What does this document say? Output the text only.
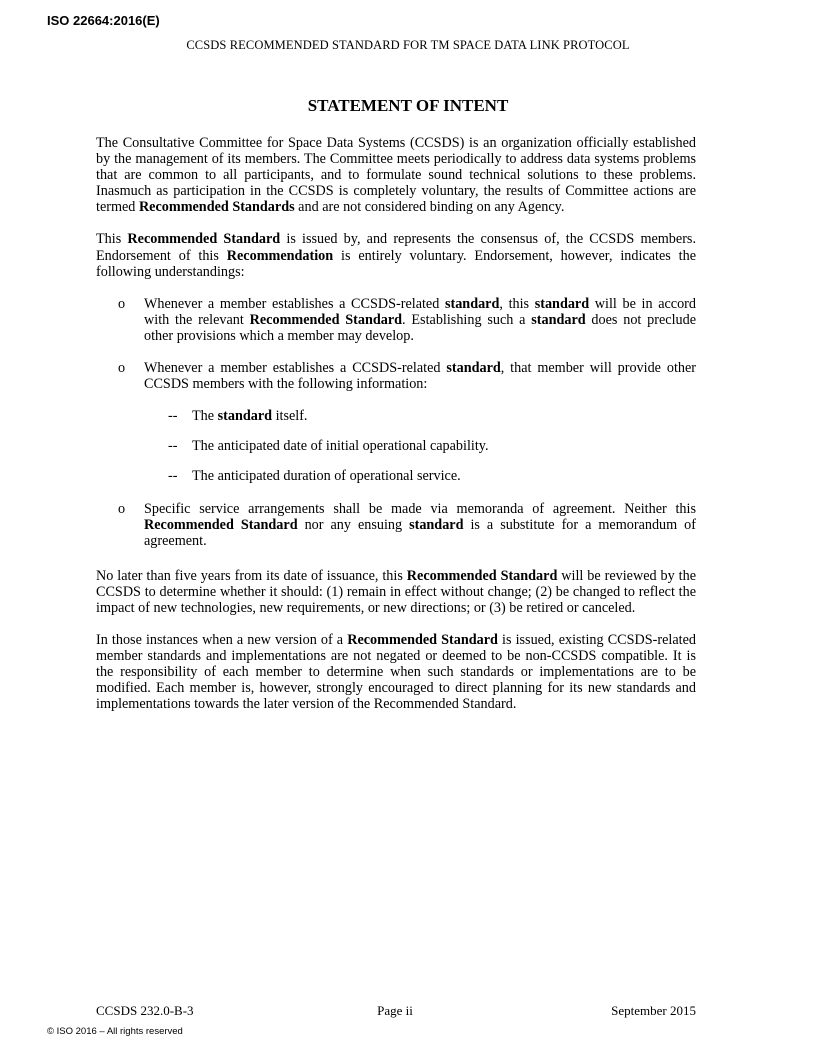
ISO 22664:2016(E)
CCSDS RECOMMENDED STANDARD FOR TM SPACE DATA LINK PROTOCOL
STATEMENT OF INTENT

The Consultative Committee for Space Data Systems (CCSDS) is an organization officially established by the management of its members. The Committee meets periodically to address data systems problems that are common to all participants, and to formulate sound technical solutions to these problems. Inasmuch as participation in the CCSDS is completely voluntary, the results of Committee actions are termed Recommended Standards and are not considered binding on any Agency.

This Recommended Standard is issued by, and represents the consensus of, the CCSDS members. Endorsement of this Recommendation is entirely voluntary. Endorsement, however, indicates the following understandings:

o Whenever a member establishes a CCSDS-related standard, this standard will be in accord with the relevant Recommended Standard. Establishing such a standard does not preclude other provisions which a member may develop.
o Whenever a member establishes a CCSDS-related standard, that member will provide other CCSDS members with the following information:
-- The standard itself.
-- The anticipated date of initial operational capability.
-- The anticipated duration of operational service.
o Specific service arrangements shall be made via memoranda of agreement. Neither this Recommended Standard nor any ensuing standard is a substitute for a memorandum of agreement.

No later than five years from its date of issuance, this Recommended Standard will be reviewed by the CCSDS to determine whether it should: (1) remain in effect without change; (2) be changed to reflect the impact of new technologies, new requirements, or new directions; or (3) be retired or canceled.

In those instances when a new version of a Recommended Standard is issued, existing CCSDS-related member standards and implementations are not negated or deemed to be non-CCSDS compatible. It is the responsibility of each member to determine when such standards or implementations are to be modified. Each member is, however, strongly encouraged to direct planning for its new standards and implementations towards the later version of the Recommended Standard.

CCSDS 232.0-B-3	Page ii	September 2015
© ISO 2016 – All rights reserved
